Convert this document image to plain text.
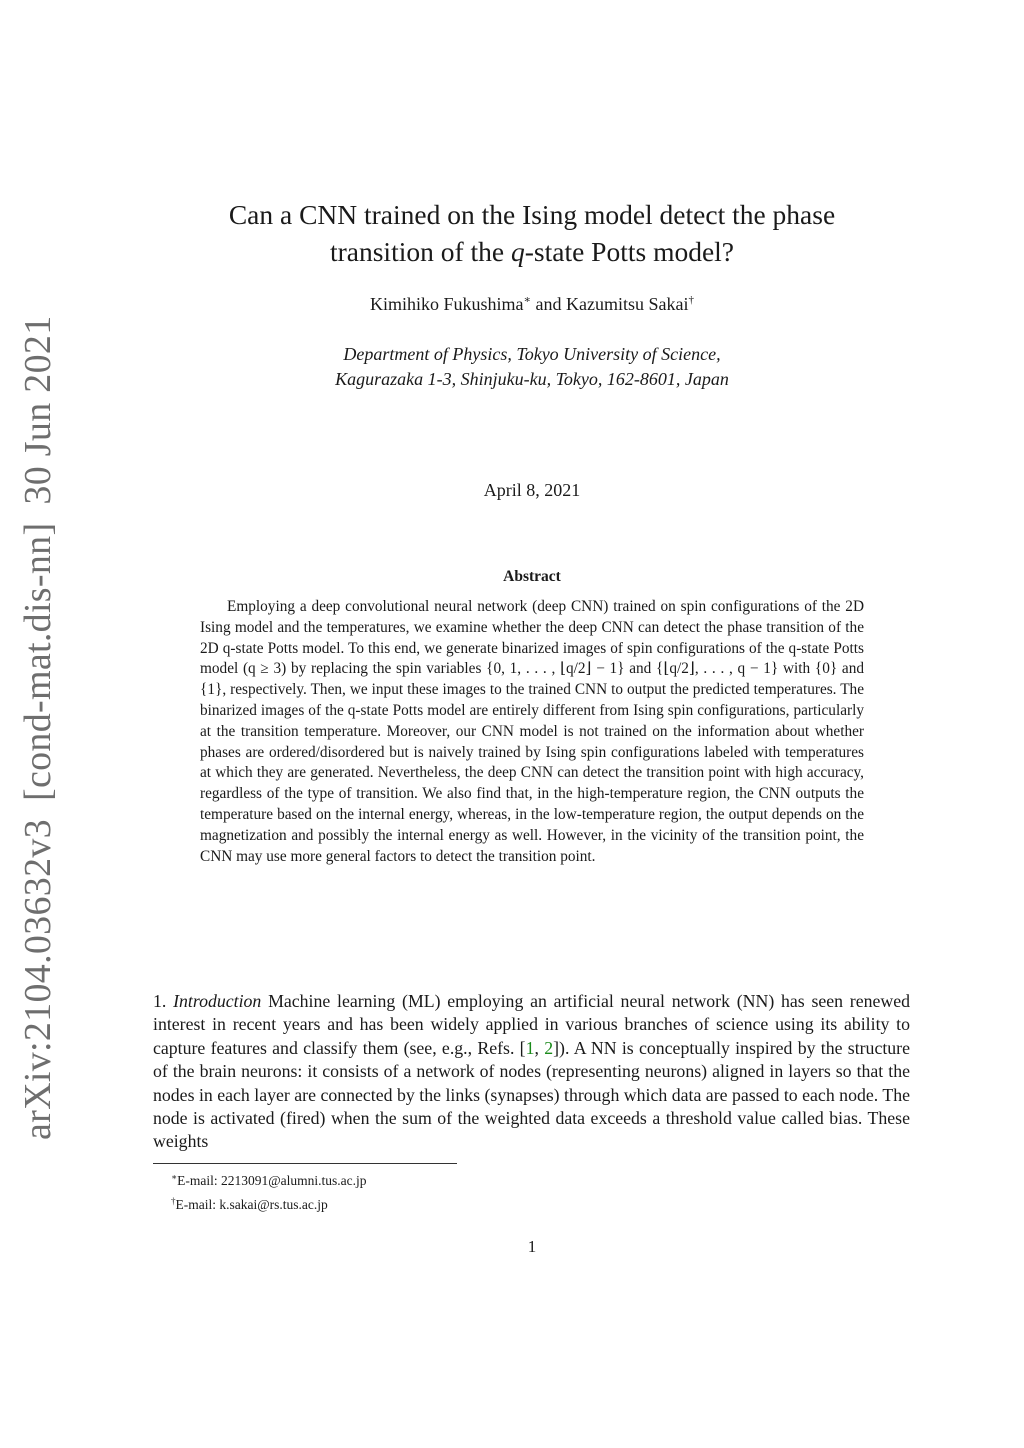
arXiv:2104.03632v3[cond-mat.dis-nn]30 Jun 2021
Can a CNN trained on the Ising model detect the phase
transition of the q-state Potts model?
Kimihiko Fukushima∗ and Kazumitsu Sakai†
Department of Physics, Tokyo University of Science,
Kagurazaka 1-3, Shinjuku-ku, Tokyo, 162-8601, Japan
April 8, 2021
Abstract

Employing a deep convolutional neural network (deep CNN) trained on spin configurations of the 2D Ising model and the temperatures, we examine whether the deep CNN can detect the phase transition of the 2D q-state Potts model. To this end, we generate binarized images of spin configurations of the q-state Potts model (q ≥ 3) by replacing the spin variables {0, 1, . . . , ⌊q/2⌋ − 1} and {⌊q/2⌋, . . . , q − 1} with {0} and {1}, respectively. Then, we input these images to the trained CNN to output the predicted temperatures. The binarized images of the q-state Potts model are entirely different from Ising spin configurations, particularly at the transition temperature. Moreover, our CNN model is not trained on the information about whether phases are ordered/disordered but is naively trained by Ising spin configurations labeled with temperatures at which they are generated. Nevertheless, the deep CNN can detect the transition point with high accuracy, regardless of the type of transition. We also find that, in the high-temperature region, the CNN outputs the temperature based on the internal energy, whereas, in the low-temperature region, the output depends on the magnetization and possibly the internal energy as well. However, in the vicinity of the transition point, the CNN may use more general factors to detect the transition point.

1. Introduction Machine learning (ML) employing an artificial neural network (NN) has seen renewed interest in recent years and has been widely applied in various branches of science using its ability to capture features and classify them (see, e.g., Refs. [1, 2]). A NN is conceptually inspired by the structure of the brain neurons: it consists of a network of nodes (representing neurons) aligned in layers so that the nodes in each layer are connected by the links (synapses) through which data are passed to each node. The node is activated (fired) when the sum of the weighted data exceeds a threshold value called bias. These weights

∗E-mail: 2213091@alumni.tus.ac.jp
†E-mail: k.sakai@rs.tus.ac.jp
1
